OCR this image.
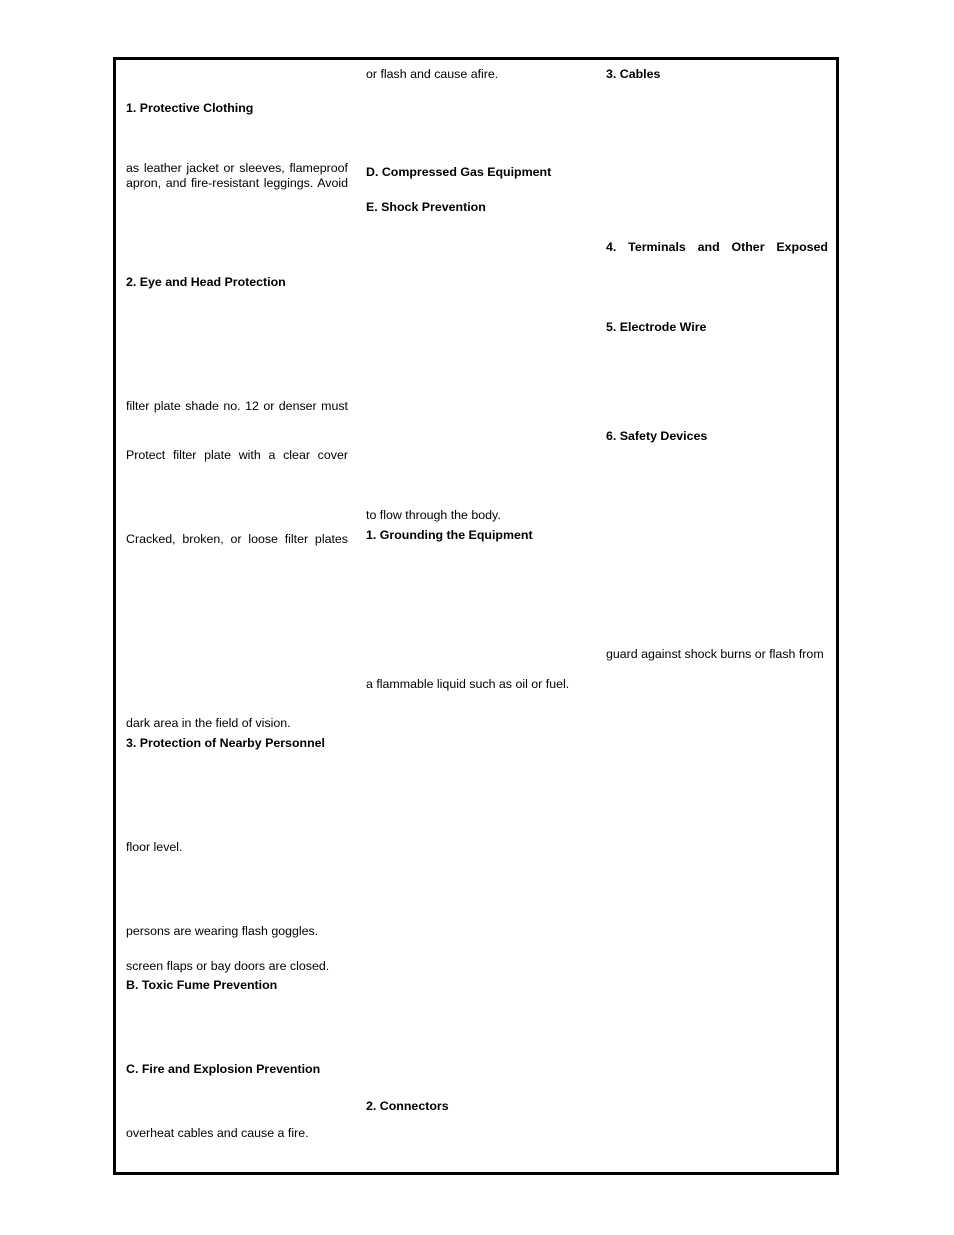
1. Protective Clothing
as leather jacket or sleeves, flameproof
apron, and fire-resistant leggings. Avoid
2. Eye and Head Protection
filter plate shade no. 12 or denser must
Protect filter plate with a clear cover
Cracked, broken, or loose filter plates
dark area in the field of vision.
3. Protection of Nearby Personnel
floor level.
persons are wearing flash goggles.
screen flaps or bay doors are closed.
B. Toxic Fume Prevention
C. Fire and Explosion Prevention
overheat cables and cause a fire.
or flash and cause afire.
D. Compressed Gas Equipment
E. Shock Prevention
to flow through the body.
1. Grounding the Equipment
a flammable liquid such as oil or fuel.
2. Connectors
3. Cables
4. Terminals and Other Exposed
5. Electrode Wire
6. Safety Devices
guard against shock burns or flash from
